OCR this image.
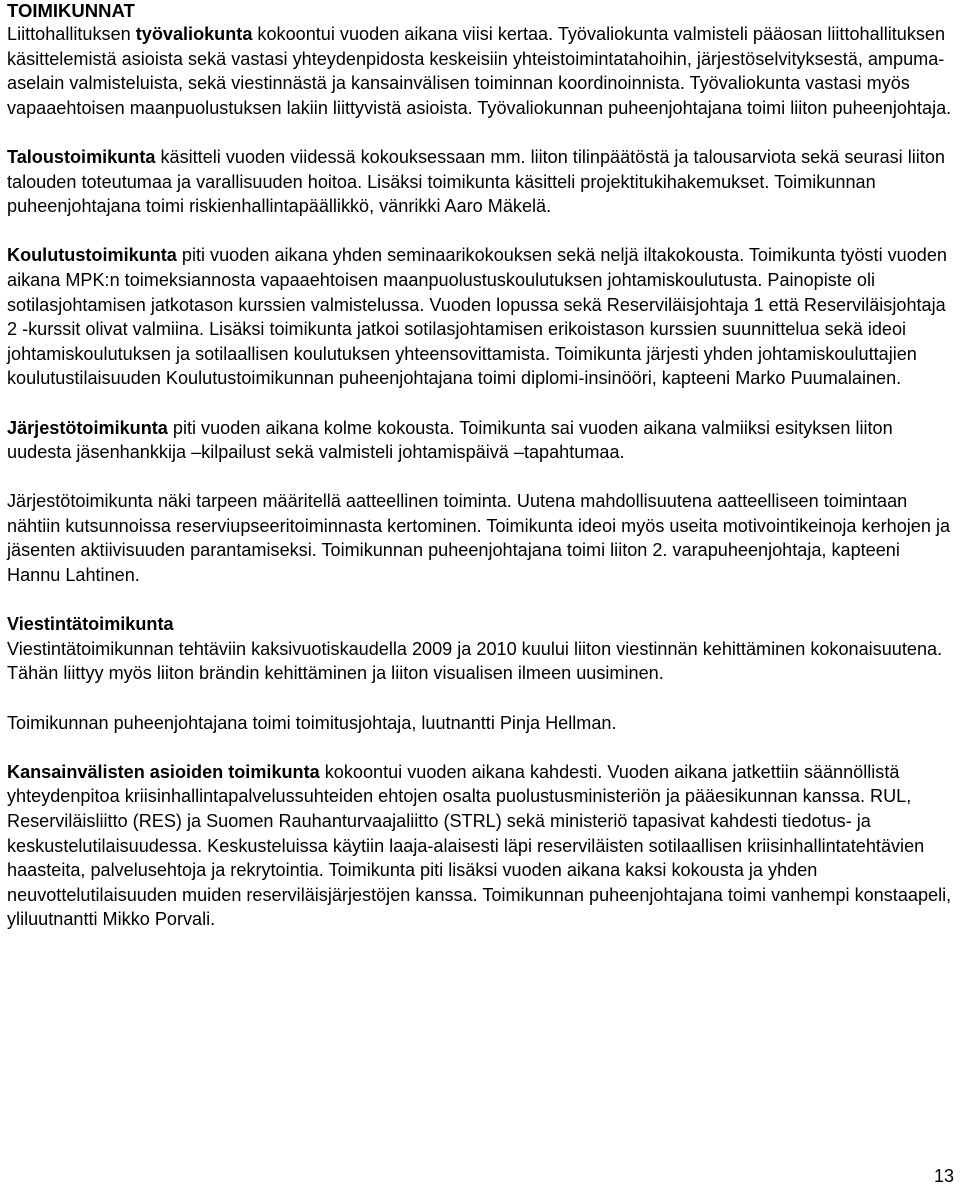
TOIMIKUNNAT

Liittohallituksen työvaliokunta kokoontui vuoden aikana viisi kertaa. Työvaliokunta valmisteli pääosan liittohallituksen käsittelemistä asioista sekä vastasi yhteydenpidosta keskeisiin yhteistoimintatahoihin, järjestöselvityksestä, ampuma-aselain valmisteluista, sekä viestinnästä ja kansainvälisen toiminnan koordinoinnista. Työvaliokunta vastasi myös vapaaehtoisen maanpuolustuksen lakiin liittyvistä asioista. Työvaliokunnan puheenjohtajana toimi liiton puheenjohtaja.

Taloustoimikunta käsitteli vuoden viidessä kokouksessaan mm. liiton tilinpäätöstä ja talousarviota sekä seurasi liiton talouden toteutumaa ja varallisuuden hoitoa. Lisäksi toimikunta käsitteli projektitukihakemukset. Toimikunnan puheenjohtajana toimi riskienhallintapäällikkö, vänrikki Aaro Mäkelä.

Koulutustoimikunta piti vuoden aikana yhden seminaarikokouksen sekä neljä iltakokousta. Toimikunta työsti vuoden aikana MPK:n toimeksiannosta vapaaehtoisen maanpuolustuskoulutuksen johtamiskoulutusta. Painopiste oli sotilasjohtamisen jatkotason kurssien valmistelussa. Vuoden lopussa sekä Reserviläisjohtaja 1 että Reserviläisjohtaja 2 -kurssit olivat valmiina. Lisäksi toimikunta jatkoi sotilasjohtamisen erikoistason kurssien suunnittelua sekä ideoi johtamiskoulutuksen ja sotilaallisen koulutuksen yhteensovittamista. Toimikunta järjesti yhden johtamiskouluttajien koulutustilaisuuden Koulutustoimikunnan puheenjohtajana toimi diplomi-insinööri, kapteeni Marko Puumalainen.

Järjestötoimikunta piti vuoden aikana kolme kokousta. Toimikunta sai vuoden aikana valmiiksi esityksen liiton uudesta jäsenhankkija –kilpailust sekä valmisteli johtamispäivä –tapahtumaa.

Järjestötoimikunta näki tarpeen määritellä aatteellinen toiminta. Uutena mahdollisuutena aatteelliseen toimintaan nähtiin kutsunnoissa reserviupseeritoiminnasta kertominen. Toimikunta ideoi myös useita motivointikeinoja kerhojen ja jäsenten aktiivisuuden parantamiseksi. Toimikunnan puheenjohtajana toimi liiton 2. varapuheenjohtaja, kapteeni Hannu Lahtinen.

Viestintätoimikunta

Viestintätoimikunnan tehtäviin kaksivuotiskaudella 2009 ja 2010 kuului liiton viestinnän kehittäminen kokonaisuutena. Tähän liittyy myös liiton brändin kehittäminen ja liiton visualisen ilmeen uusiminen.

Toimikunnan puheenjohtajana toimi toimitusjohtaja, luutnantti Pinja Hellman.

Kansainvälisten asioiden toimikunta kokoontui vuoden aikana kahdesti. Vuoden aikana jatkettiin säännöllistä yhteydenpitoa kriisinhallintapalvelussuhteiden ehtojen osalta puolustusministeriön ja pääesikunnan kanssa. RUL, Reserviläisliitto (RES) ja Suomen Rauhanturvaajaliitto (STRL) sekä ministeriö tapasivat kahdesti tiedotus- ja keskustelutilaisuudessa. Keskusteluissa käytiin laaja-alaisesti läpi reserviläisten sotilaallisen kriisinhallintatehtävien haasteita, palvelusehtoja ja rekrytointia. Toimikunta piti lisäksi vuoden aikana kaksi kokousta ja yhden neuvottelutilaisuuden muiden reserviläisjärjestöjen kanssa. Toimikunnan puheenjohtajana toimi vanhempi konstaapeli, yliluutnantti Mikko Porvali.

13
